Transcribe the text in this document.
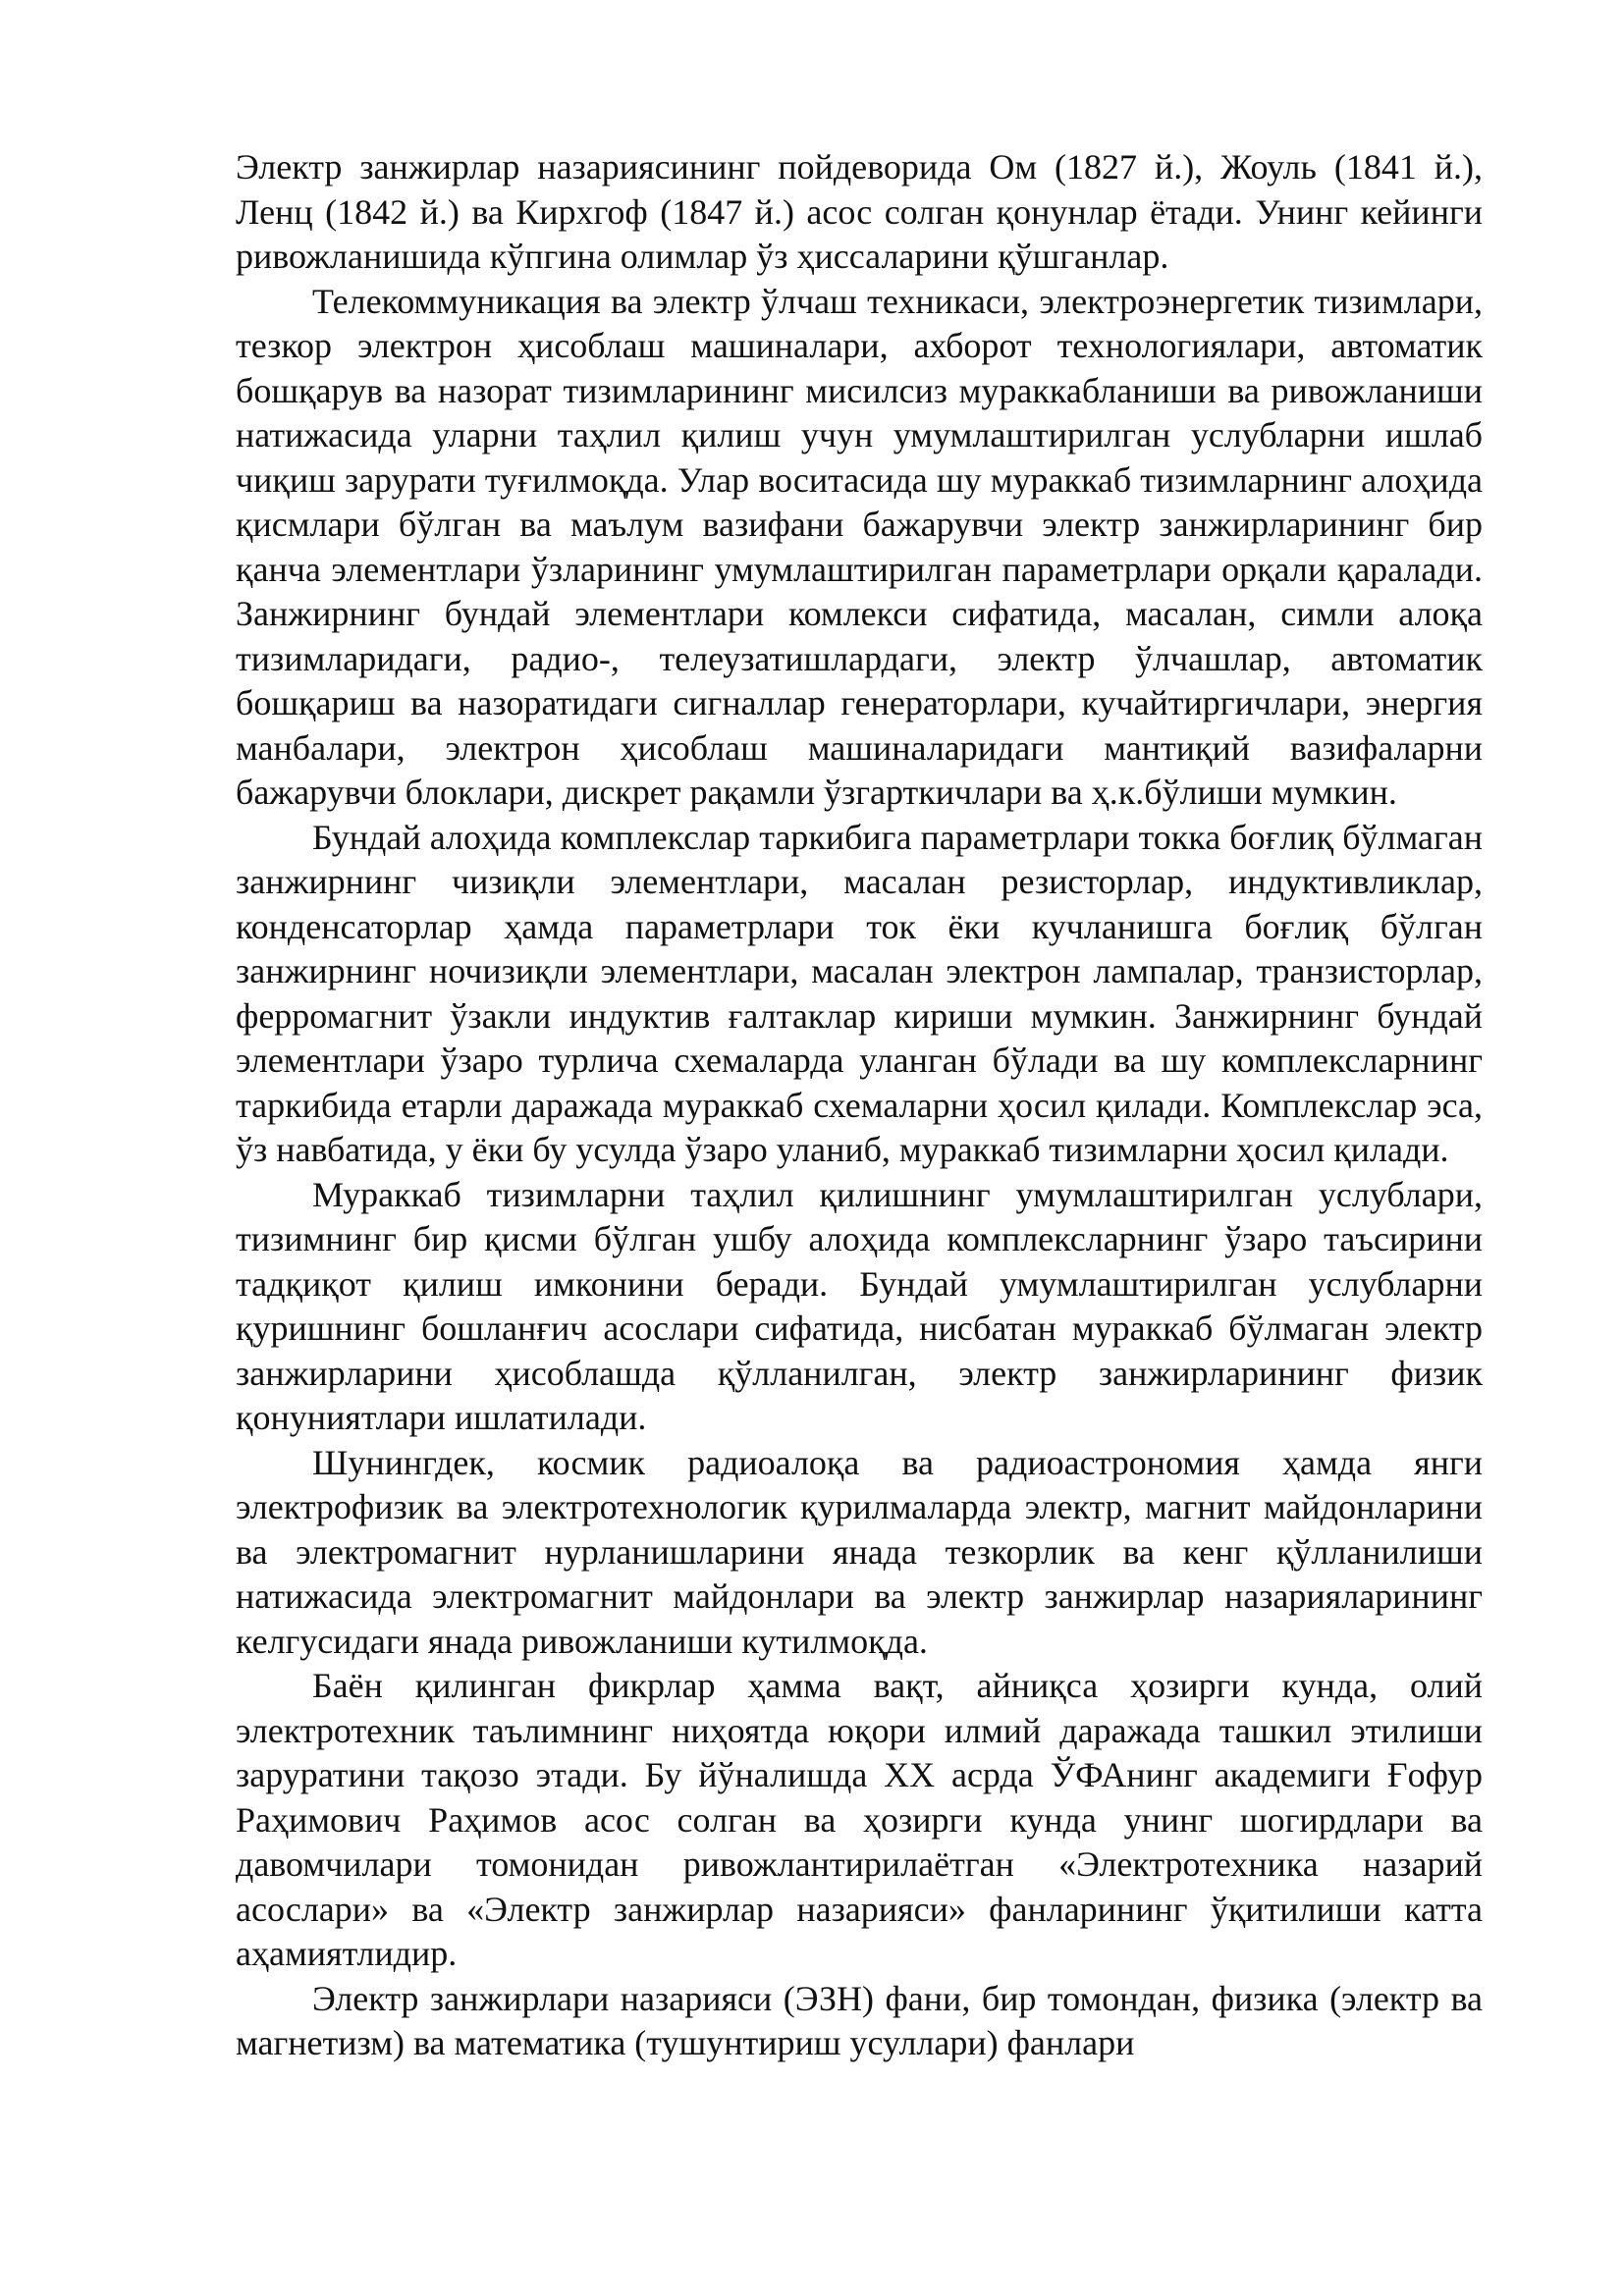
Электр занжирлар назариясининг пойдеворида Ом (1827 й.), Жоуль (1841 й.), Ленц (1842 й.) ва Кирхгоф (1847 й.) асос солган қонунлар ётади. Унинг кейинги ривожланишида кўпгина олимлар ўз ҳиссаларини қўшганлар.

Телекоммуникация ва электр ўлчаш техникаси, электроэнергетик тизимлари, тезкор электрон ҳисоблаш машиналари, ахборот технологиялари, автоматик бошқарув ва назорат тизимларининг мисилсиз мураккабланиши ва ривожланиши натижасида уларни таҳлил қилиш учун умумлаштирилган услубларни ишлаб чиқиш зарурати туғилмоқда. Улар воситасида шу мураккаб тизимларнинг алоҳида қисмлари бўлган ва маълум вазифани бажарувчи электр занжирларининг бир қанча элементлари ўзларининг умумлаштирилган параметрлари орқали қаралади. Занжирнинг бундай элементлари комлекси сифатида, масалан, симли алоқа тизимларидаги, радио-, телеузатишлардаги, электр ўлчашлар, автоматик бошқариш ва назоратидаги сигналлар генераторлари, кучайтиргичлари, энергия манбалари, электрон ҳисоблаш машиналаридаги мантиқий вазифаларни бажарувчи блоклари, дискрет рақамли ўзгарткичлари ва ҳ.к.бўлиши мумкин.

Бундай алоҳида комплекслар таркибига параметрлари токка боғлиқ бўлмаган занжирнинг чизиқли элементлари, масалан резисторлар, индуктивликлар, конденсаторлар ҳамда параметрлари ток ёки кучланишга боғлиқ бўлган занжирнинг ночизиқли элементлари, масалан электрон лампалар, транзисторлар, ферромагнит ўзакли индуктив ғалтаклар кириши мумкин. Занжирнинг бундай элементлари ўзаро турлича схемаларда уланган бўлади ва шу комплексларнинг таркибида етарли даражада мураккаб схемаларни ҳосил қилади. Комплекслар эса, ўз навбатида, у ёки бу усулда ўзаро уланиб, мураккаб тизимларни ҳосил қилади.

Мураккаб тизимларни таҳлил қилишнинг умумлаштирилган услублари, тизимнинг бир қисми бўлган ушбу алоҳида комплексларнинг ўзаро таъсирини тадқиқот қилиш имконини беради. Бундай умумлаштирилган услубларни қуришнинг бошланғич асослари сифатида, нисбатан мураккаб бўлмаган электр занжирларини ҳисоблашда қўлланилган, электр занжирларининг физик қонуниятлари ишлатилади.

Шунингдек, космик радиоалоқа ва радиоастрономия ҳамда янги электрофизик ва электротехнологик қурилмаларда электр, магнит майдонларини ва электромагнит нурланишларини янада тезкорлик ва кенг қўлланилиши натижасида электромагнит майдонлари ва электр занжирлар назарияларининг келгусидаги янада ривожланиши кутилмоқда.

Баён қилинган фикрлар ҳамма вақт, айниқса ҳозирги кунда, олий электротехник таълимнинг ниҳоятда юқори илмий даражада ташкил этилиши заруратини тақозо этади. Бу йўналишда ХХ асрда ЎФАнинг академиги Ғофур Раҳимович Раҳимов асос солган ва ҳозирги кунда унинг шогирдлари ва давомчилари томонидан ривожлантирилаётган «Электротехника назарий асослари» ва «Электр занжирлар назарияси» фанларининг ўқитилиши катта аҳамиятлидир.

Электр занжирлари назарияси (ЭЗН) фани, бир томондан, физика (электр ва магнетизм) ва математика (тушунтириш усуллари) фанлари
